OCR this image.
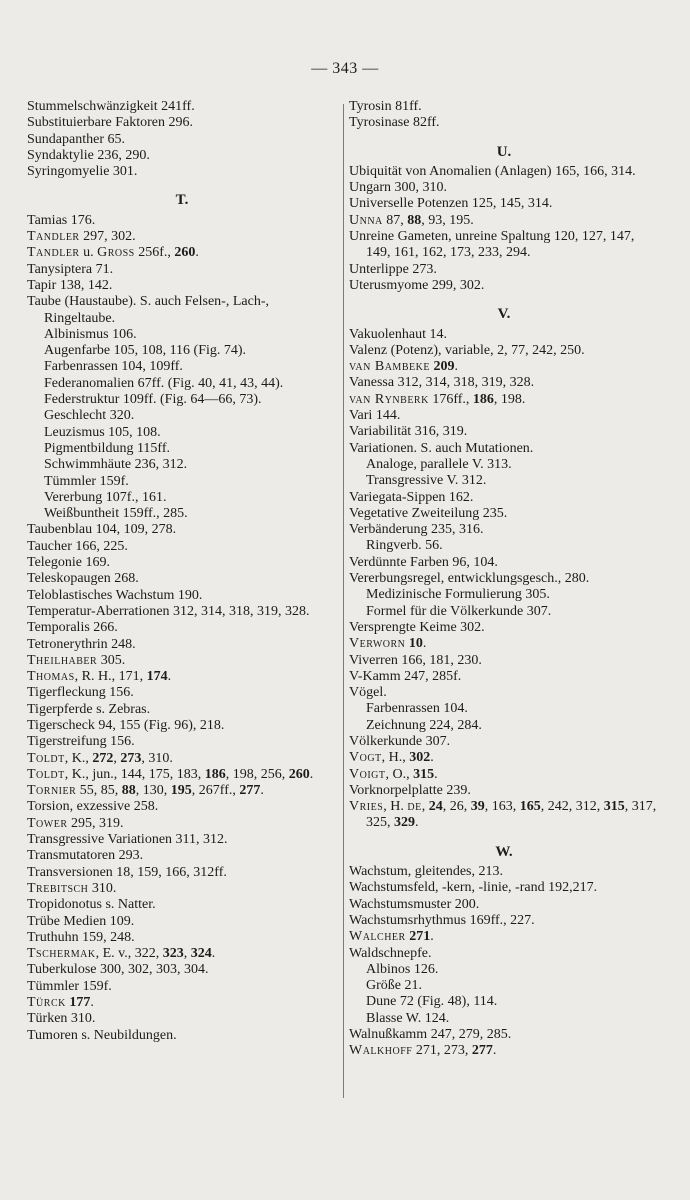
— 343 —
Stummelschwänzigkeit 241ff.
Substituierbare Faktoren 296.
Sundapanther 65.
Syndaktylie 236, 290.
Syringomyelie 301.
T.
Tamias 176.
Tandler 297, 302.
Tandler u. Gross 256f., 260.
Tanysiptera 71.
Tapir 138, 142.
Taube (Haustaube). S. auch Felsen-, Lach-, Ringeltaube.
Albinismus 106.
Augenfarbe 105, 108, 116 (Fig. 74).
Farbenrassen 104, 109ff.
Federanomalien 67ff. (Fig. 40, 41, 43, 44).
Federstruktur 109ff. (Fig. 64—66, 73).
Geschlecht 320.
Leuzismus 105, 108.
Pigmentbildung 115ff.
Schwimmhäute 236, 312.
Tümmler 159f.
Vererbung 107f., 161.
Weißbuntheit 159ff., 285.
Taubenblau 104, 109, 278.
Taucher 166, 225.
Telegonie 169.
Teleskopaugen 268.
Teloblastisches Wachstum 190.
Temperatur-Aberrationen 312, 314, 318, 319, 328.
Temporalis 266.
Tetronerythrin 248.
Theilhaber 305.
Thomas, R. H., 171, 174.
Tigerfleckung 156.
Tigerpferde s. Zebras.
Tigerscheck 94, 155 (Fig. 96), 218.
Tigerstreifung 156.
Toldt, K., 272, 273, 310.
Toldt, K., jun., 144, 175, 183, 186, 198, 256, 260.
Tornier 55, 85, 88, 130, 195, 267ff., 277.
Torsion, exzessive 258.
Tower 295, 319.
Transgressive Variationen 311, 312.
Transmutatoren 293.
Transversionen 18, 159, 166, 312ff.
Trebitsch 310.
Tropidonotus s. Natter.
Trübe Medien 109.
Truthuhn 159, 248.
Tschermak, E. v., 322, 323, 324.
Tuberkulose 300, 302, 303, 304.
Tümmler 159f.
Türck 177.
Türken 310.
Tumoren s. Neubildungen.
Tyrosin 81ff.
Tyrosinase 82ff.
U.
Ubiquität von Anomalien (Anlagen) 165, 166, 314.
Ungarn 300, 310.
Universelle Potenzen 125, 145, 314.
Unna 87, 88, 93, 195.
Unreine Gameten, unreine Spaltung 120, 127, 147, 149, 161, 162, 173, 233, 294.
Unterlippe 273.
Uterusmyome 299, 302.
V.
Vakuolenhaut 14.
Valenz (Potenz), variable, 2, 77, 242, 250.
van Bambeke 209.
Vanessa 312, 314, 318, 319, 328.
van Rynberk 176ff., 186, 198.
Vari 144.
Variabilität 316, 319.
Variationen. S. auch Mutationen.
Analoge, parallele V. 313.
Transgressive V. 312.
Variegata-Sippen 162.
Vegetative Zweiteilung 235.
Verbänderung 235, 316.
Ringverb. 56.
Verdünnte Farben 96, 104.
Vererbungsregel, entwicklungsgesch., 280.
Medizinische Formulierung 305.
Formel für die Völkerkunde 307.
Versprengte Keime 302.
Verworn 10.
Viverren 166, 181, 230.
V-Kamm 247, 285f.
Vögel.
Farbenrassen 104.
Zeichnung 224, 284.
Völkerkunde 307.
Vogt, H., 302.
Voigt, O., 315.
Vorknorpelplatte 239.
Vries, H. de, 24, 26, 39, 163, 165, 242, 312, 315, 317, 325, 329.
W.
Wachstum, gleitendes, 213.
Wachstumsfeld, -kern, -linie, -rand 192,217.
Wachstumsmuster 200.
Wachstumsrhythmus 169ff., 227.
Walcher 271.
Waldschnepfe.
Albinos 126.
Größe 21.
Dune 72 (Fig. 48), 114.
Blasse W. 124.
Walnußkamm 247, 279, 285.
Walkhoff 271, 273, 277.
